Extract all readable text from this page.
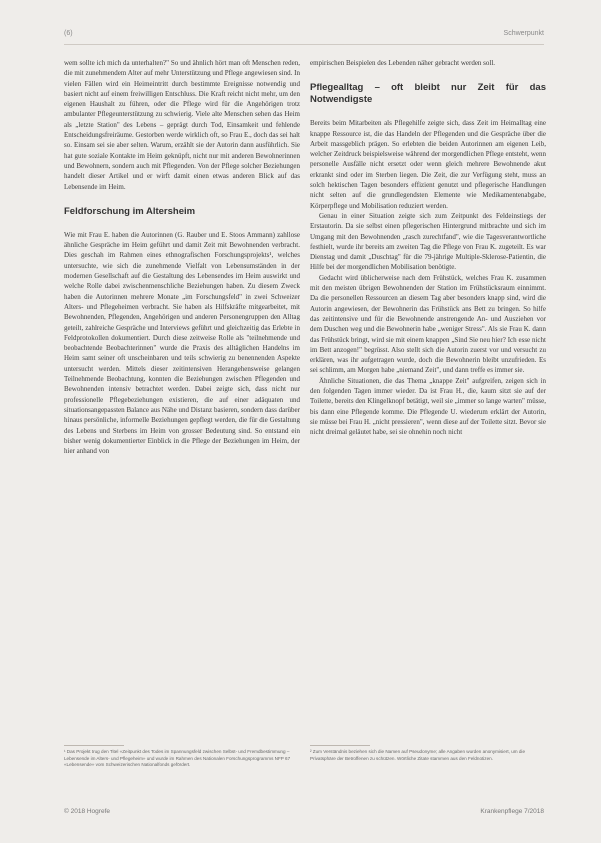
(6)	Schwerpunkt

wem sollte ich mich da unterhalten?" So und ähnlich hört man oft Menschen reden, die mit zunehmendem Alter auf mehr Unterstützung und Pflege angewiesen sind. In vielen Fällen wird ein Heimeintritt durch bestimmte Ereignisse notwendig und basiert nicht auf einem freiwilligen Entschluss. Die Kraft reicht nicht mehr, um den eigenen Haushalt zu führen, oder die Pflege wird für die Angehörigen trotz ambulanter Pflegeunterstützung zu schwierig. Viele alte Menschen sehen das Heim als „letzte Station" des Lebens – geprägt durch Tod, Einsamkeit und fehlende Entscheidungsfreiräume. Gestorben werde wirklich oft, so Frau E., doch das sei halt so. Einsam sei sie aber selten. Warum, erzählt sie der Autorin dann ausführlich. Sie hat gute soziale Kontakte im Heim geknüpft, nicht nur mit anderen Bewohnerinnen und Bewohnern, sondern auch mit Pflegenden. Von der Pflege solcher Beziehungen handelt dieser Artikel und er wirft damit einen etwas anderen Blick auf das Lebensende im Heim.

Feldforschung im Altersheim

Wie mit Frau E. haben die Autorinnen (G. Rauber und E. Stoos Ammann) zahllose ähnliche Gespräche im Heim geführt und damit Zeit mit Bewohnenden verbracht. Dies geschah im Rahmen eines ethnografischen Forschungsprojekts¹, welches untersuchte, wie sich die zunehmende Vielfalt von Lebensumständen in der modernen Gesellschaft auf die Gestaltung des Lebensendes im Heim auswirkt und welche Rolle dabei zwischenmenschliche Beziehungen haben. Zu diesem Zweck haben die Autorinnen mehrere Monate „im Forschungsfeld" in zwei Schweizer Alters- und Pflegeheimen verbracht. Sie haben als Hilfskräfte mitgearbeitet, mit Bewohnenden, Pflegenden, Angehörigen und anderen Personengruppen den Alltag geteilt, zahlreiche Gespräche und Interviews geführt und gleichzeitig das Erlebte in Feldprotokollen dokumentiert. Durch diese zeitweise Rolle als "teilnehmende und beobachtende Beobachterinnen" wurde die Praxis des alltäglichen Handelns im Heim samt seiner oft unscheinbaren und teils schwierig zu benennenden Aspekte untersucht werden. Mittels dieser zeitintensiven Herangehensweise gelangen Teilnehmende Beobachtung, konnten die Beziehungen zwischen Pflegenden und Bewohnenden intensiv betrachtet werden. Dabei zeigte sich, dass nicht nur professionelle Pflegebeziehungen existieren, die auf einer adäquaten und situationsangepassten Balance aus Nähe und Distanz basieren, sondern dass darüber hinaus persönliche, informelle Beziehungen gepflegt werden, die für die Gestaltung des Lebens und Sterbens im Heim von grosser Bedeutung sind. So entstand ein bisher wenig dokumentierter Einblick in die Pflege der Beziehungen im Heim, der hier anhand von

empirischen Beispielen des Lebenden näher gebracht werden soll.

Pflegealltag – oft bleibt nur Zeit für das Notwendigste

Bereits beim Mitarbeiten als Pflegehilfe zeigte sich, dass Zeit im Heimalltag eine knappe Ressource ist, die das Handeln der Pflegenden und die Gespräche über die Arbeit massgeblich prägen. So erlebten die beiden Autorinnen am eigenen Leib, welcher Zeitdruck beispielsweise während der morgendlichen Pflege entsteht, wenn personelle Ausfälle nicht ersetzt oder wenn gleich mehrere Bewohnende akut erkrankt sind oder im Sterben liegen. Die Zeit, die zur Verfügung steht, muss an solch hektischen Tagen besonders effizient genutzt und pflegerische Handlungen nicht selten auf die grundlegendsten Elemente wie Medikamentenabgabe, Körperpflege und Mobilisation reduziert werden.

Genau in einer Situation zeigte sich zum Zeitpunkt des Feldeinstiegs der Erstautorin. Da sie selbst einen pflegerischen Hintergrund mitbrachte und sich im Umgang mit den Bewohnenden „rasch zurechtfand", wie die Tagesverantwortliche festhielt, wurde ihr bereits am zweiten Tag die Pflege von Frau K. zugeteilt. Es war Dienstag und damit „Duschtag" für die 79-jährige Multiple-Sklerose-Patientin, die Hilfe bei der morgendlichen Mobilisation benötigte.

Gedacht wird üblicherweise nach dem Frühstück, welches Frau K. zusammen mit den meisten übrigen Bewohnenden der Station im Frühstücksraum einnimmt. Da die personellen Ressourcen an diesem Tag aber besonders knapp sind, wird die Autorin angewiesen, der Bewohnerin das Frühstück ans Bett zu bringen. So hilfe das zeitintensive und für die Bewohnende anstrengende An- und Ausziehen vor dem Duschen weg und die Bewohnerin habe „weniger Stress". Als sie Frau K. dann das Frühstück bringt, wird sie mit einem knappen „Sind Sie neu hier? Ich esse nicht im Bett anzogen!" begrüsst. Also stellt sich die Autorin zuerst vor und versucht zu erklären, was ihr aufgetragen wurde, doch die Bewohnerin bleibt unzufrieden. Es sei schlimm, am Morgen habe „niemand Zeit", und dann treffe es immer sie.

Ähnliche Situationen, die das Thema „knappe Zeit" aufgreifen, zeigen sich in den folgenden Tagen immer wieder. Da ist Frau H., die, kaum sitzt sie auf der Toilette, bereits den Klingelknopf betätigt, weil sie „immer so lange warten" müsse, bis dann eine Pflegende komme. Die Pflegende U. wiederum erklärt der Autorin, sie müsse bei Frau H. „nicht pressieren", wenn diese auf der Toilette sitzt. Bevor sie nicht dreimal geläutet habe, sei sie ohnehin noch nicht

¹ Das Projekt trug den Titel «Zeitpunkt des Todes im Spannungsfeld zwischen Selbst- und Fremdbestimmung – Lebensende im Alters- und Pflegeheim» und wurde im Rahmen des Nationalen Forschungsprogramms NFP 67 «Lebensende» vom Schweizerischen Nationalfonds gefördert.
² Zum Verständnis beziehen sich die Namen auf Pseudonyme; alle Angaben wurden anonymisiert, um die Privatsphäre der Betroffenen zu schützen. Wörtliche Zitate stammen aus den Feldnotizen.
© 2018 Hogrefe	Krankenpflege 7/2018
